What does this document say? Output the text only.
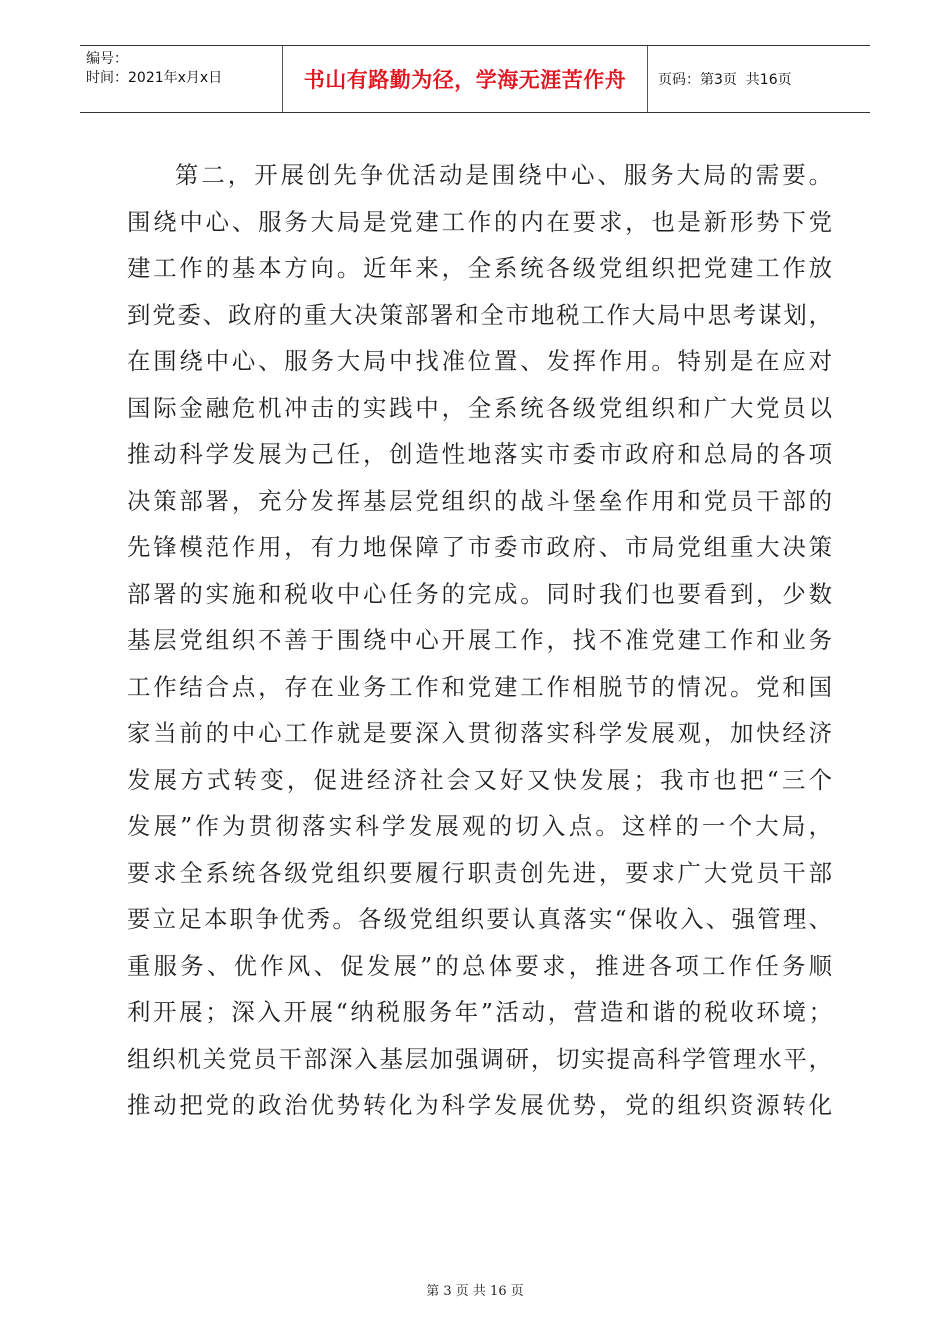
编号：
时间：2021年x月x日	书山有路勤为径，学海无涯苦作舟	页码：第3页  共16页
第二，开展创先争优活动是围绕中心、服务大局的需要。
围绕中心、服务大局是党建工作的内在要求，也是新形势下党
建工作的基本方向。近年来，全系统各级党组织把党建工作放
到党委、政府的重大决策部署和全市地税工作大局中思考谋划，
在围绕中心、服务大局中找准位置、发挥作用。特别是在应对
国际金融危机冲击的实践中，全系统各级党组织和广大党员以
推动科学发展为己任，创造性地落实市委市政府和总局的各项
决策部署，充分发挥基层党组织的战斗堡垒作用和党员干部的
先锋模范作用，有力地保障了市委市政府、市局党组重大决策
部署的实施和税收中心任务的完成。同时我们也要看到，少数
基层党组织不善于围绕中心开展工作，找不准党建工作和业务
工作结合点，存在业务工作和党建工作相脱节的情况。党和国
家当前的中心工作就是要深入贯彻落实科学发展观，加快经济
发展方式转变，促进经济社会又好又快发展；我市也把“三个
发展”作为贯彻落实科学发展观的切入点。这样的一个大局，
要求全系统各级党组织要履行职责创先进，要求广大党员干部
要立足本职争优秀。各级党组织要认真落实“保收入、强管理、
重服务、优作风、促发展”的总体要求，推进各项工作任务顺
利开展；深入开展“纳税服务年”活动，营造和谐的税收环境；
组织机关党员干部深入基层加强调研，切实提高科学管理水平，
推动把党的政治优势转化为科学发展优势，党的组织资源转化
第 3 页 共 16 页
